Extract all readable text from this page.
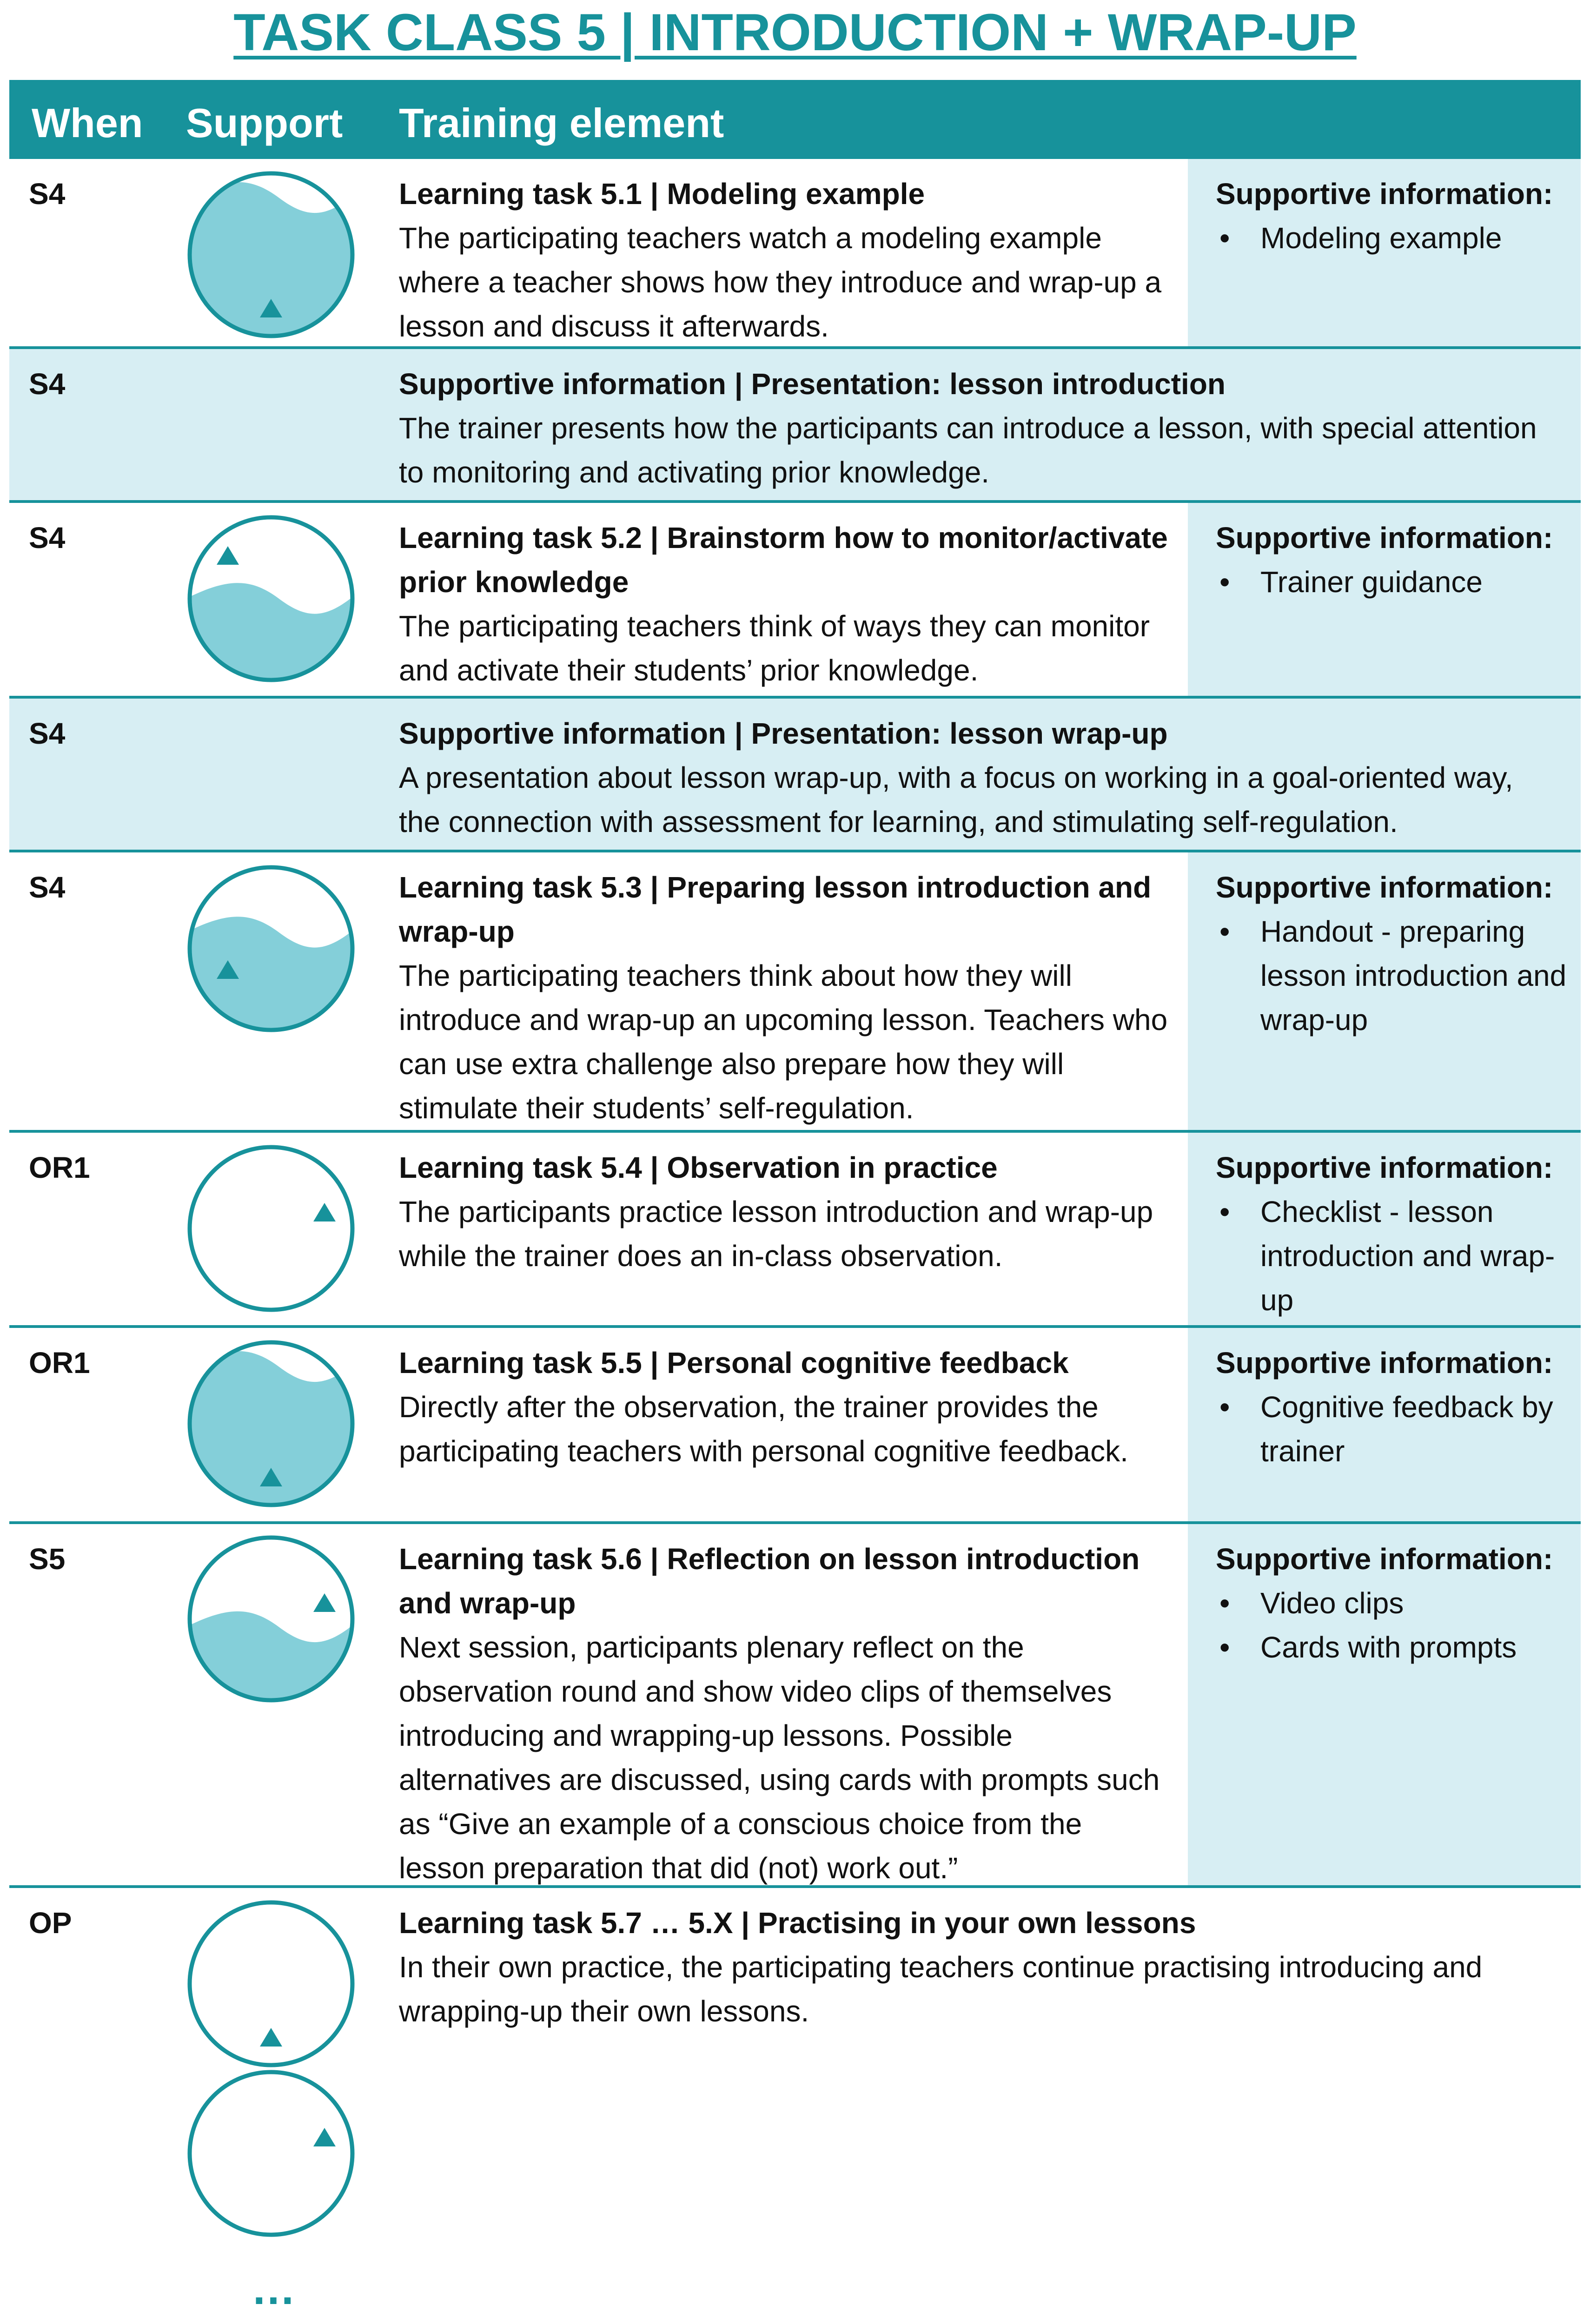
TASK CLASS 5 | INTRODUCTION + WRAP-UP
When Support Training element
S4	Learning task 5.1 | Modeling example
The participating teachers watch a modeling example where a teacher shows how they introduce and wrap-up a lesson and discuss it afterwards.
Supportive information:
• Modeling example
S4	Supportive information | Presentation: lesson introduction
The trainer presents how the participants can introduce a lesson, with special attention to monitoring and activating prior knowledge.
S4	Learning task 5.2 | Brainstorm how to monitor/activate prior knowledge
The participating teachers think of ways they can monitor and activate their students’ prior knowledge.
Supportive information:
• Trainer guidance
S4	Supportive information | Presentation: lesson wrap-up
A presentation about lesson wrap-up, with a focus on working in a goal-oriented way, the connection with assessment for learning, and stimulating self-regulation.
S4	Learning task 5.3 | Preparing lesson introduction and wrap-up
The participating teachers think about how they will introduce and wrap-up an upcoming lesson. Teachers who can use extra challenge also prepare how they will stimulate their students’ self-regulation.
Supportive information:
• Handout - preparing lesson introduction and wrap-up
OR1	Learning task 5.4 | Observation in practice
The participants practice lesson introduction and wrap-up while the trainer does an in-class observation.
Supportive information:
• Checklist - lesson introduction and wrap-up
OR1	Learning task 5.5 | Personal cognitive feedback
Directly after the observation, the trainer provides the participating teachers with personal cognitive feedback.
Supportive information:
• Cognitive feedback by trainer
S5	Learning task 5.6 | Reflection on lesson introduction and wrap-up
Next session, participants plenary reflect on the observation round and show video clips of themselves introducing and wrapping-up lessons. Possible alternatives are discussed, using cards with prompts such as “Give an example of a conscious choice from the lesson preparation that did (not) work out.”
Supportive information:
• Video clips
• Cards with prompts
OP	Learning task 5.7 … 5.X | Practising in your own lessons
In their own practice, the participating teachers continue practising introducing and wrapping-up their own lessons.
…
